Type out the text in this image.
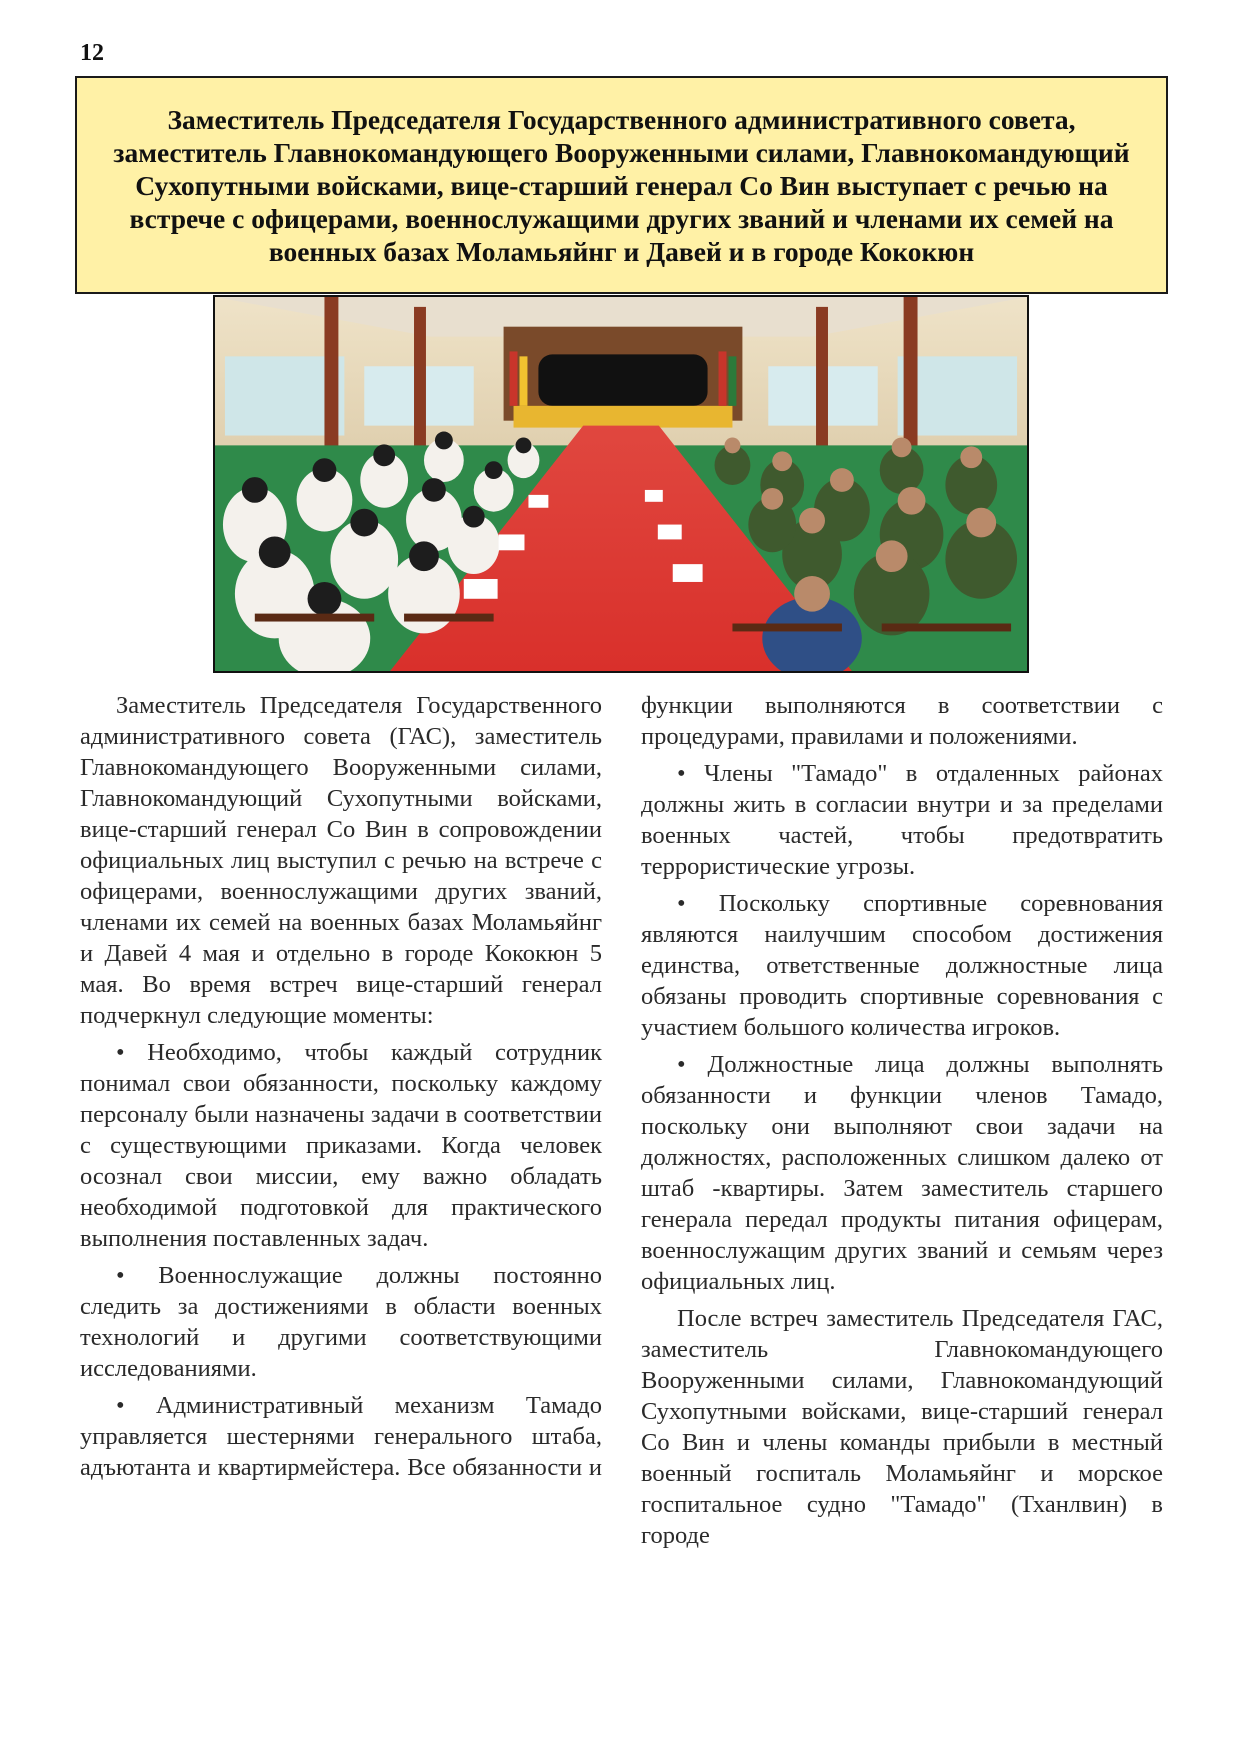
12
Заместитель Председателя Государственного административного совета, заместитель Главнокомандующего Вооруженными силами, Главнокомандующий Сухопутными войсками, вице-старший генерал Со Вин выступает с речью на встрече с офицерами, военнослужащими других званий и членами их семей на военных базах Моламьяйнг и Давей и в городе Кококюн

Заместитель Председателя Государственного административного совета (ГАС), заместитель Главнокомандующего Вооруженными силами, Главнокомандующий Сухопутными войсками, вице-старший генерал Со Вин в сопровождении официальных лиц выступил с речью на встрече с офицерами, военнослужащими других званий, членами их семей на военных базах Моламьяйнг и Давей 4 мая и отдельно в городе Кококюн 5 мая. Во время встреч вице-старший генерал подчеркнул следующие моменты:

• Необходимо, чтобы каждый сотрудник понимал свои обязанности, поскольку каждому персоналу были назначены задачи в соответствии с существующими приказами. Когда человек осознал свои миссии, ему важно обладать необходимой подготовкой для практического выполнения поставленных задач.

• Военнослужащие должны постоянно следить за достижениями в области военных технологий и другими соответствующими исследованиями.

• Административный механизм Тамадо управляется шестернями генерального штаба, адъютанта и квартирмейстера. Все обязанности и

функции выполняются в соответствии с процедурами, правилами и положениями.

• Члены "Тамадо" в отдаленных районах должны жить в согласии внутри и за пределами военных частей, чтобы предотвратить террористические угрозы.

• Поскольку спортивные соревнования являются наилучшим способом достижения единства, ответственные должностные лица обязаны проводить спортивные соревнования с участием большого количества игроков.

• Должностные лица должны выполнять обязанности и функции членов Тамадо, поскольку они выполняют свои задачи на должностях, расположенных слишком далеко от штаб -квартиры. Затем заместитель старшего генерала передал продукты питания офицерам, военнослужащим других званий и семьям через официальных лиц.

После встреч заместитель Председателя ГАС, заместитель Главнокомандующего Вооруженными силами, Главнокомандующий Сухопутными войсками, вице-старший генерал Со Вин и члены команды прибыли в местный военный госпиталь Моламьяйнг и морское госпитальное судно "Тамадо" (Тханлвин) в городе
